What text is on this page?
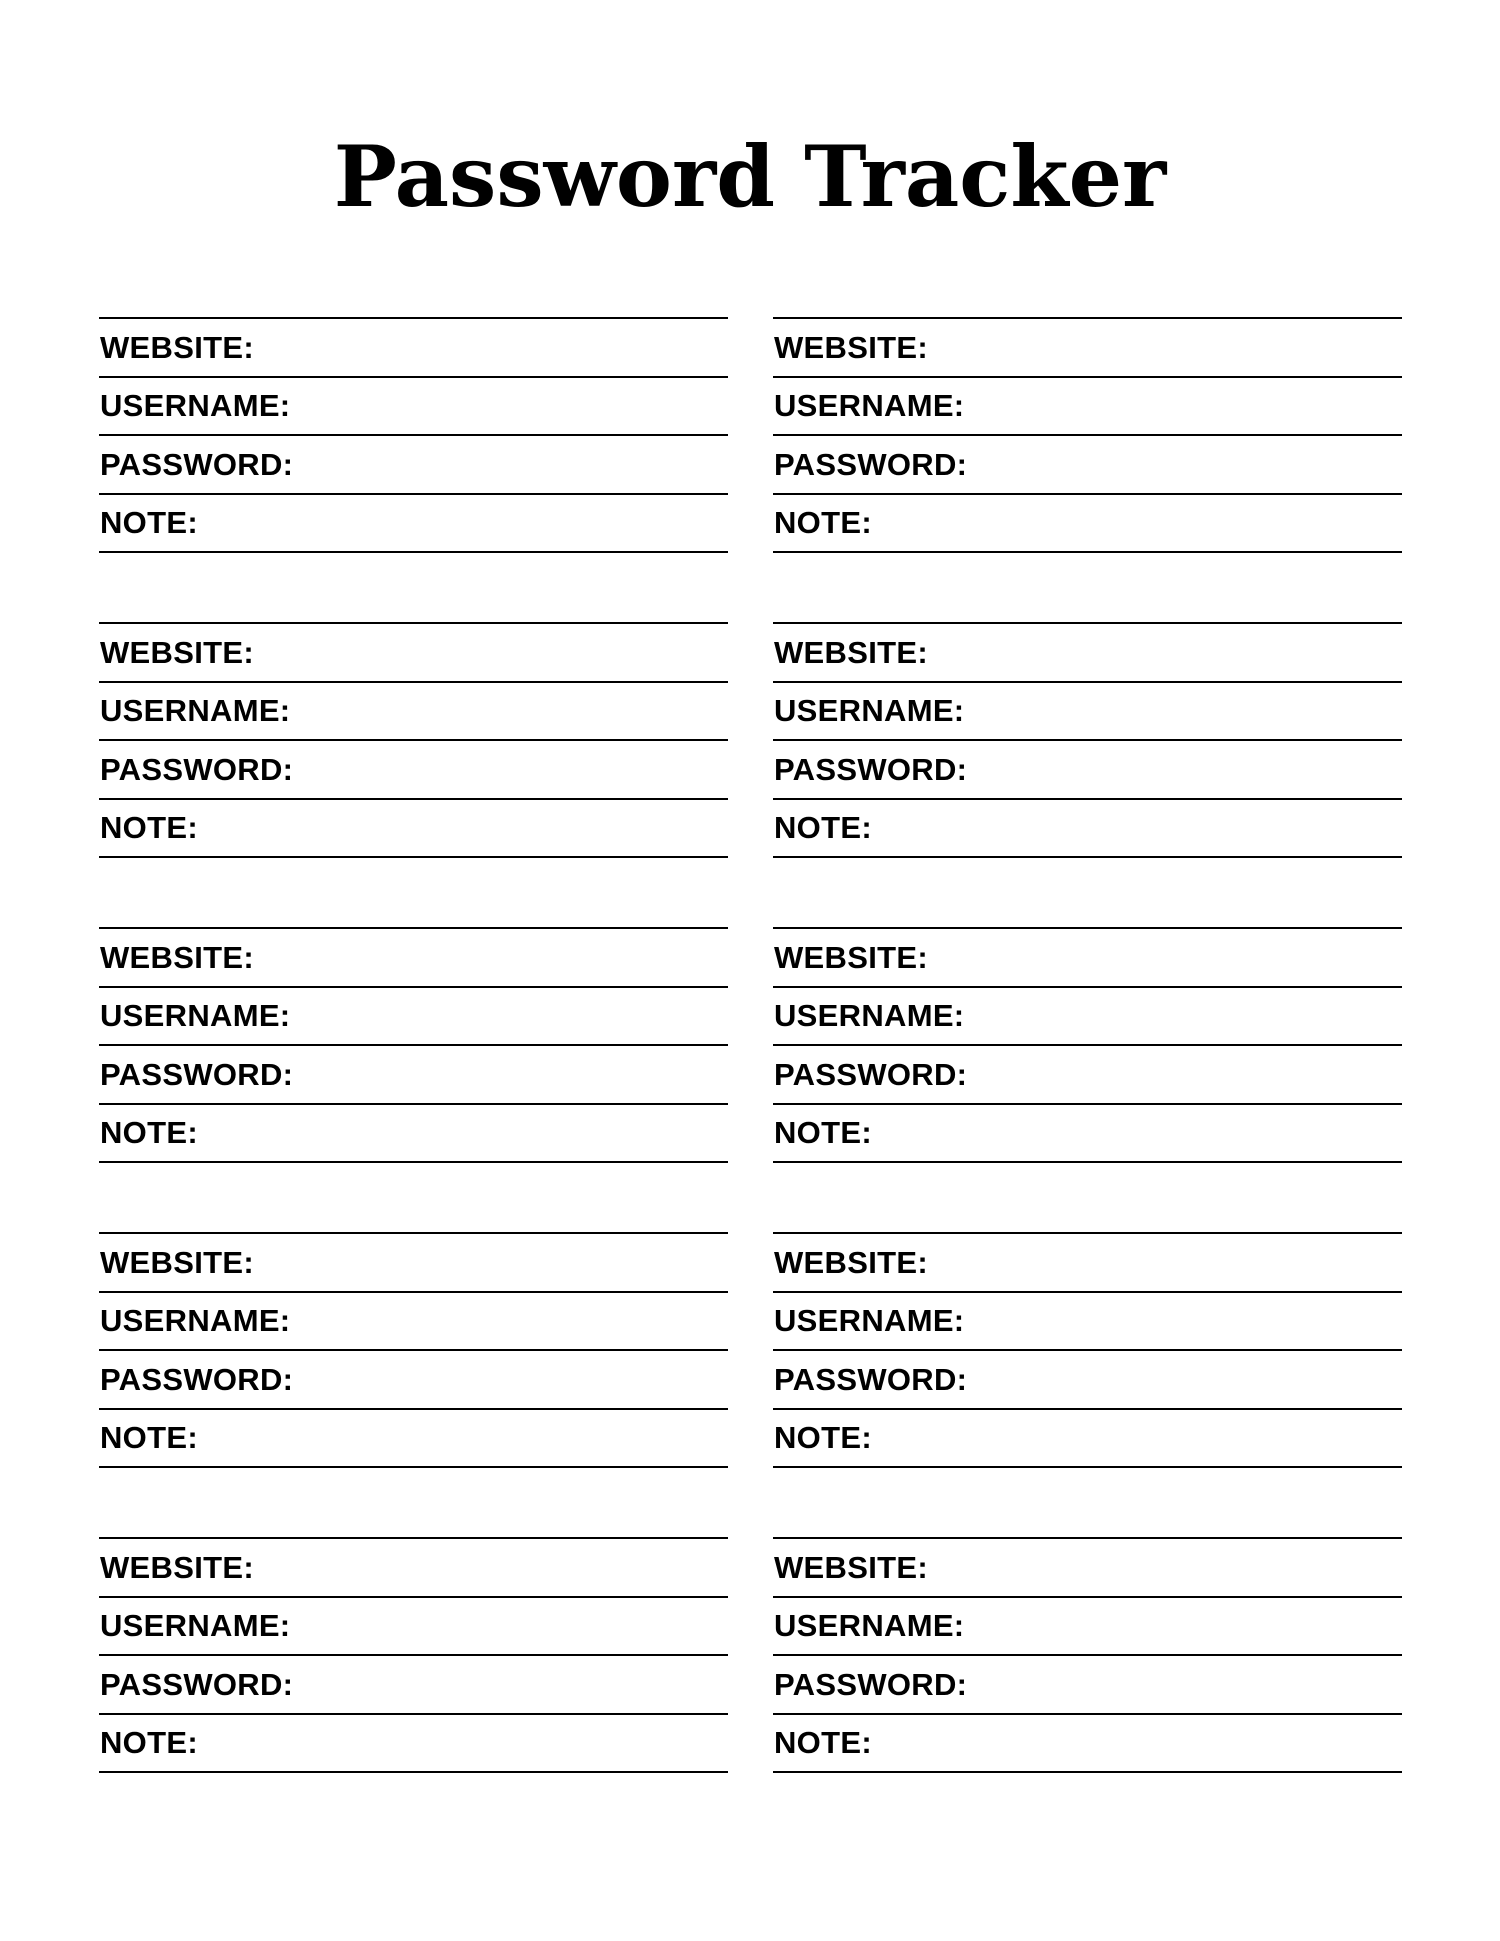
Password Tracker
WEBSITE:
USERNAME:
PASSWORD:
NOTE:
WEBSITE:
USERNAME:
PASSWORD:
NOTE:
WEBSITE:
USERNAME:
PASSWORD:
NOTE:
WEBSITE:
USERNAME:
PASSWORD:
NOTE:
WEBSITE:
USERNAME:
PASSWORD:
NOTE:
WEBSITE:
USERNAME:
PASSWORD:
NOTE:
WEBSITE:
USERNAME:
PASSWORD:
NOTE:
WEBSITE:
USERNAME:
PASSWORD:
NOTE:
WEBSITE:
USERNAME:
PASSWORD:
NOTE:
WEBSITE:
USERNAME:
PASSWORD:
NOTE:
